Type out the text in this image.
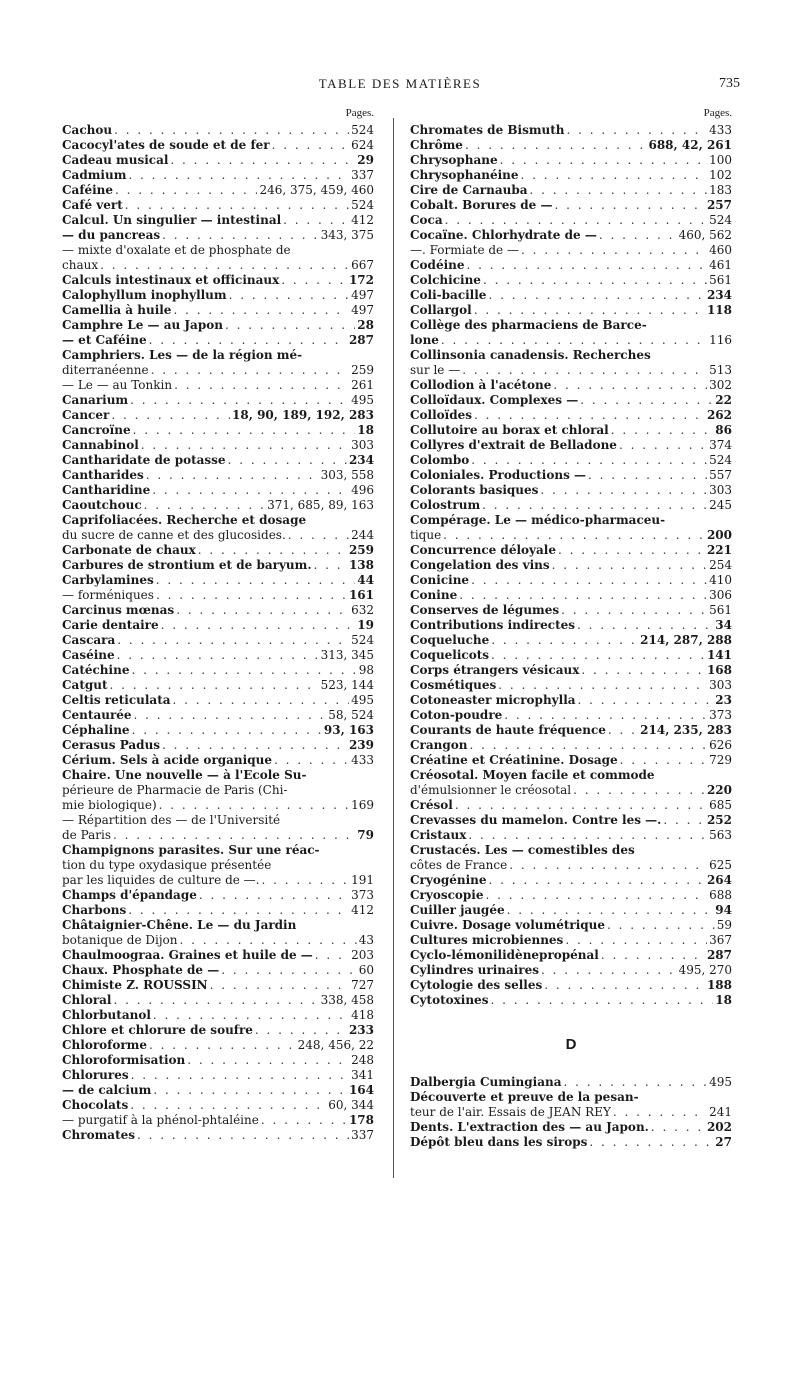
TABLE DES MATIÈRES	735
Pages.
Cachou . . .	524
Cacocyl'ates de soude et de fer . . .	624
Cadeau musical . . .	29
Cadmium . . .	337
Caféine . . .	246, 375, 459, 460
Café vert . . .	524
Calcul. Un singulier — intestinal . . .	412
— du pancreas . . .	343, 375
— mixte d'oxalate et de phosphate de
chaux . . .	667
Calculs intestinaux et officinaux . . .	172
Calophyllum inophyllum . . .	497
Camellia à huile . . .	497
Camphre Le — au Japon . . .	28
— et Caféine . . .	287
Camphriers. Les — de la région mé-
diterranéenne . . .	259
— Le — au Tonkin . . .	261
Canarium . . .	495
Cancer . . .	18, 90, 189, 192, 283
Cancroïne . . .	18
Cannabinol . . .	303
Cantharidate de potasse . . .	234
Cantharides . . .	303, 558
Cantharidine . . .	496
Caoutchouc . . .	371, 685, 89, 163
Caprifoliacées. Recherche et dosage
du sucre de canne et des glucosides. . . .	244
Carbonate de chaux . . .	259
Carbures de strontium et de baryum. . . .	138
Carbylamines . . .	44
— forméniques . . .	161
Carcinus mœnas . . .	632
Carie dentaire . . .	19
Cascara . . .	524
Caséine . . .	313, 345
Catéchine . . .	98
Catgut . . .	523, 144
Celtis reticulata . . .	495
Centaurée . . .	58, 524
Céphaline . . .	93, 163
Cerasus Padus . . .	239
Cérium. Sels à acide organique . . .	433
Chaire. Une nouvelle — à l'Ecole Su-
périeure de Pharmacie de Paris (Chi-
mie biologique) . . .	169
— Répartition des — de l'Université
de Paris . . .	79
Champignons parasites. Sur une réac-
tion du type oxydasique présentée
par les liquides de culture de —. . . .	191
Champs d'épandage . . .	373
Charbons . . .	412
Châtaignier-Chêne. Le — du Jardin
botanique de Dijon . . .	43
Chaulmoograa. Graines et huile de — . . .	203
Chaux. Phosphate de — . . .	60
Chimiste Z. ROUSSIN . . .	727
Chloral . . .	338, 458
Chlorbutanol . . .	418
Chlore et chlorure de soufre . . .	233
Chloroforme . . .	248, 456, 22
Chloroformisation . . .	248
Chlorures . . .	341
— de calcium . . .	164
Chocolats . . .	60, 344
— purgatif à la phénol-phtaléine . . .	178
Chromates . . .	337
Pages.
Chromates de Bismuth . . .	433
Chrôme . . .	688, 42, 261
Chrysophane . . .	100
Chrysophanéine . . .	102
Cire de Carnauba . . .	183
Cobalt. Borures de — . . .	257
Coca . . .	524
Cocaïne. Chlorhydrate de — . . .	460, 562
—. Formiate de — . . .	460
Codéine . . .	461
Colchicine . . .	561
Coli-bacille . . .	234
Collargol . . .	118
Collège des pharmaciens de Barce-
lone . . .	116
Collinsonia canadensis. Recherches
sur le — . . .	513
Collodion à l'acétone . . .	302
Colloïdaux. Complexes — . . .	22
Colloïdes . . .	262
Collutoire au borax et chloral . . .	86
Collyres d'extrait de Belladone . . .	374
Colombo . . .	524
Coloniales. Productions — . . .	557
Colorants basiques . . .	303
Colostrum . . .	245
Compérage. Le — médico-pharmaceu-
tique . . .	200
Concurrence déloyale . . .	221
Congelation des vins . . .	254
Conicine . . .	410
Conine . . .	306
Conserves de légumes . . .	561
Contributions indirectes . . .	34
Coqueluche . . .	214, 287, 288
Coquelicots . . .	141
Corps étrangers vésicaux . . .	168
Cosmétiques . . .	303
Cotoneaster microphylla . . .	23
Coton-poudre . . .	373
Courants de haute fréquence . . .	214, 235, 283
Crangon . . .	626
Créatine et Créatinine. Dosage . . .	729
Créosotal. Moyen facile et commode
d'émulsionner le créosotal . . .	220
Crésol . . .	685
Crevasses du mamelon. Contre les —. . . .	252
Cristaux . . .	563
Crustacés. Les — comestibles des
côtes de France . . .	625
Cryogénine . . .	264
Cryoscopie . . .	688
Cuiller jaugée . . .	94
Cuivre. Dosage volumétrique . . .	59
Cultures microbiennes . . .	367
Cyclo-lémonilidènepropénal . . .	287
Cylindres urinaires . . .	495, 270
Cytologie des selles . . .	188
Cytotoxines . . .	18
D
Dalbergia Cumingiana . . .	495
Découverte et preuve de la pesan-
teur de l'air. Essais de JEAN REY . . .	241
Dents. L'extraction des — au Japon. . . .	202
Dépôt bleu dans les sirops . . .	27
